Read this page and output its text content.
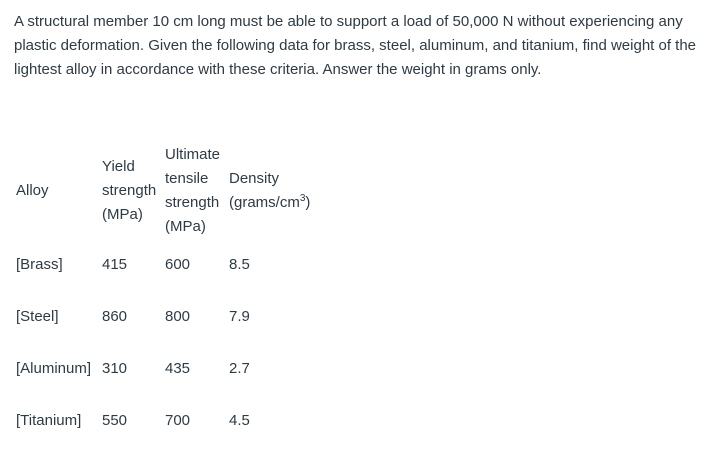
A structural member 10 cm long must be able to support a load of 50,000 N without experiencing any plastic deformation. Given the following data for brass, steel, aluminum, and titanium, find weight of the lightest alloy in accordance with these criteria. Answer the weight in grams only.
Alloy	Yield
strength
(MPa)	Ultimate
tensile
strength
(MPa)	Density
$(grams/cm^3)$

[Brass]	415	600	8.5
[Steel]	860	800	7.9
[Aluminum]	310	435	2.7
[Titanium]	550	700	4.5
